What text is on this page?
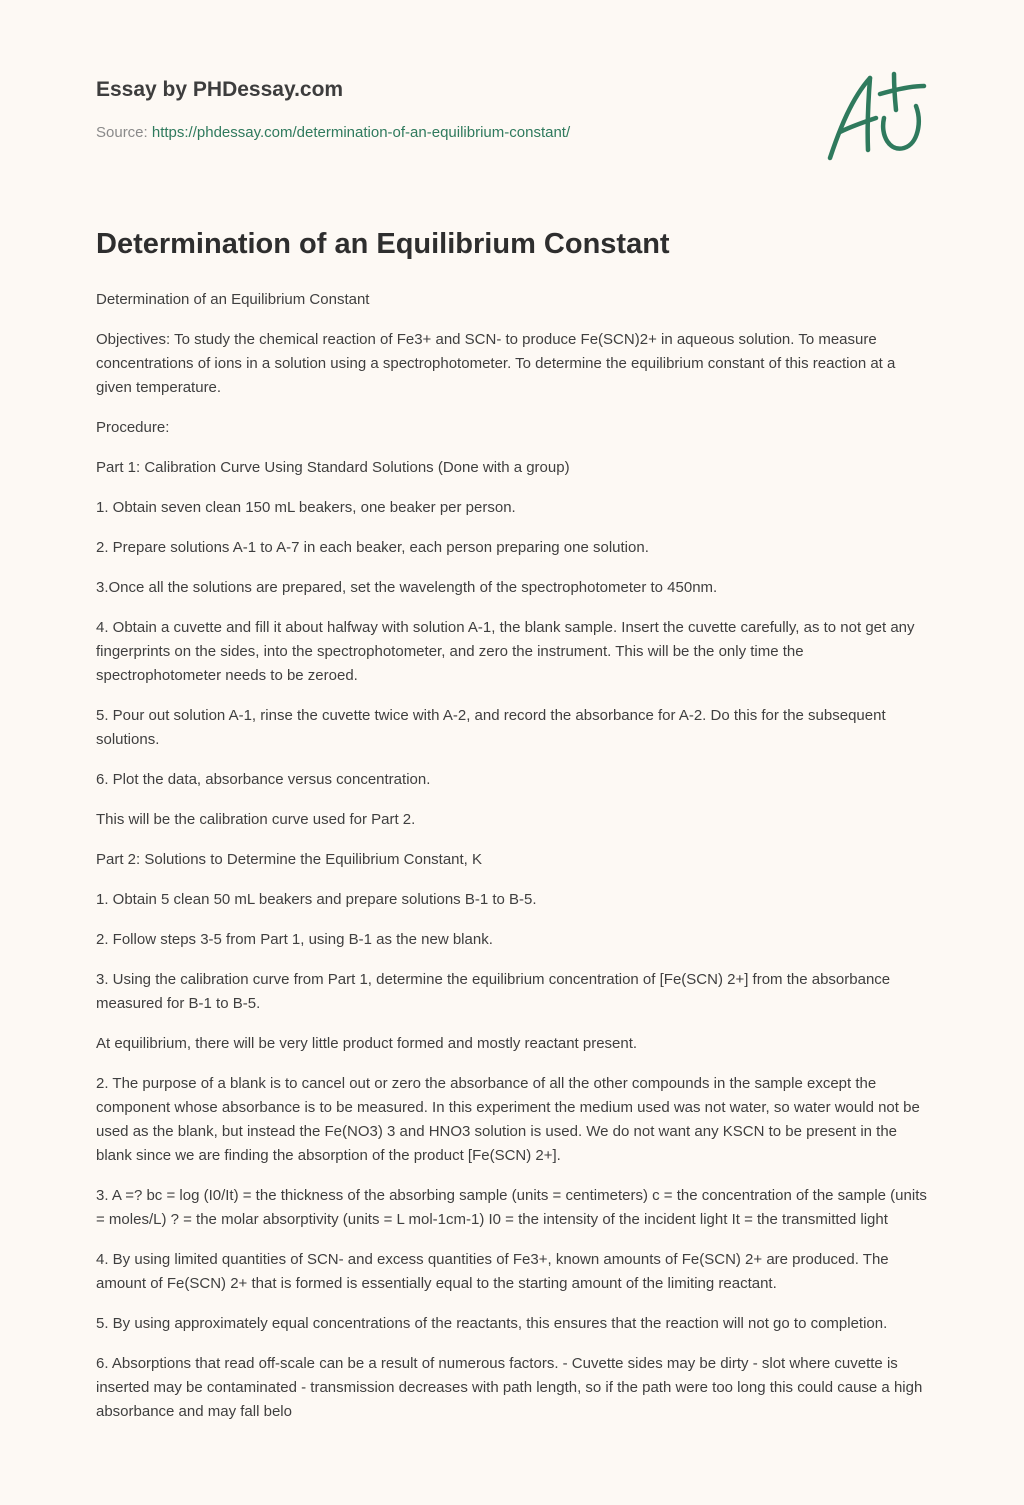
Essay by PHDessay.com
Source: https://phdessay.com/determination-of-an-equilibrium-constant/
Determination of an Equilibrium Constant

Determination of an Equilibrium Constant

Objectives: To study the chemical reaction of Fe3+ and SCN- to produce Fe(SCN)2+ in aqueous solution. To measure concentrations of ions in a solution using a spectrophotometer. To determine the equilibrium constant of this reaction at a given temperature.

Procedure:

Part 1: Calibration Curve Using Standard Solutions (Done with a group)

1. Obtain seven clean 150 mL beakers, one beaker per person.

2. Prepare solutions A-1 to A-7 in each beaker, each person preparing one solution.

3.Once all the solutions are prepared, set the wavelength of the spectrophotometer to 450nm.

4. Obtain a cuvette and fill it about halfway with solution A-1, the blank sample. Insert the cuvette carefully, as to not get any fingerprints on the sides, into the spectrophotometer, and zero the instrument. This will be the only time the spectrophotometer needs to be zeroed.

5. Pour out solution A-1, rinse the cuvette twice with A-2, and record the absorbance for A-2. Do this for the subsequent solutions.

6. Plot the data, absorbance versus concentration.

This will be the calibration curve used for Part 2.

Part 2: Solutions to Determine the Equilibrium Constant, K

1. Obtain 5 clean 50 mL beakers and prepare solutions B-1 to B-5.

2. Follow steps 3-5 from Part 1, using B-1 as the new blank.

3. Using the calibration curve from Part 1, determine the equilibrium concentration of [Fe(SCN) 2+] from the absorbance measured for B-1 to B-5.

At equilibrium, there will be very little product formed and mostly reactant present.

2. The purpose of a blank is to cancel out or zero the absorbance of all the other compounds in the sample except the component whose absorbance is to be measured. In this experiment the medium used was not water, so water would not be used as the blank, but instead the Fe(NO3) 3 and HNO3 solution is used. We do not want any KSCN to be present in the blank since we are finding the absorption of the product [Fe(SCN) 2+].

3. A =? bc = log (I0/It) = the thickness of the absorbing sample (units = centimeters) c = the concentration of the sample (units = moles/L) ? = the molar absorptivity (units = L mol-1cm-1) I0 = the intensity of the incident light It = the transmitted light

4. By using limited quantities of SCN- and excess quantities of Fe3+, known amounts of Fe(SCN) 2+ are produced. The amount of Fe(SCN) 2+ that is formed is essentially equal to the starting amount of the limiting reactant.

5. By using approximately equal concentrations of the reactants, this ensures that the reaction will not go to completion.

6. Absorptions that read off-scale can be a result of numerous factors. - Cuvette sides may be dirty - slot where cuvette is inserted may be contaminated - transmission decreases with path length, so if the path were too long this could cause a high absorbance and may fall belo
